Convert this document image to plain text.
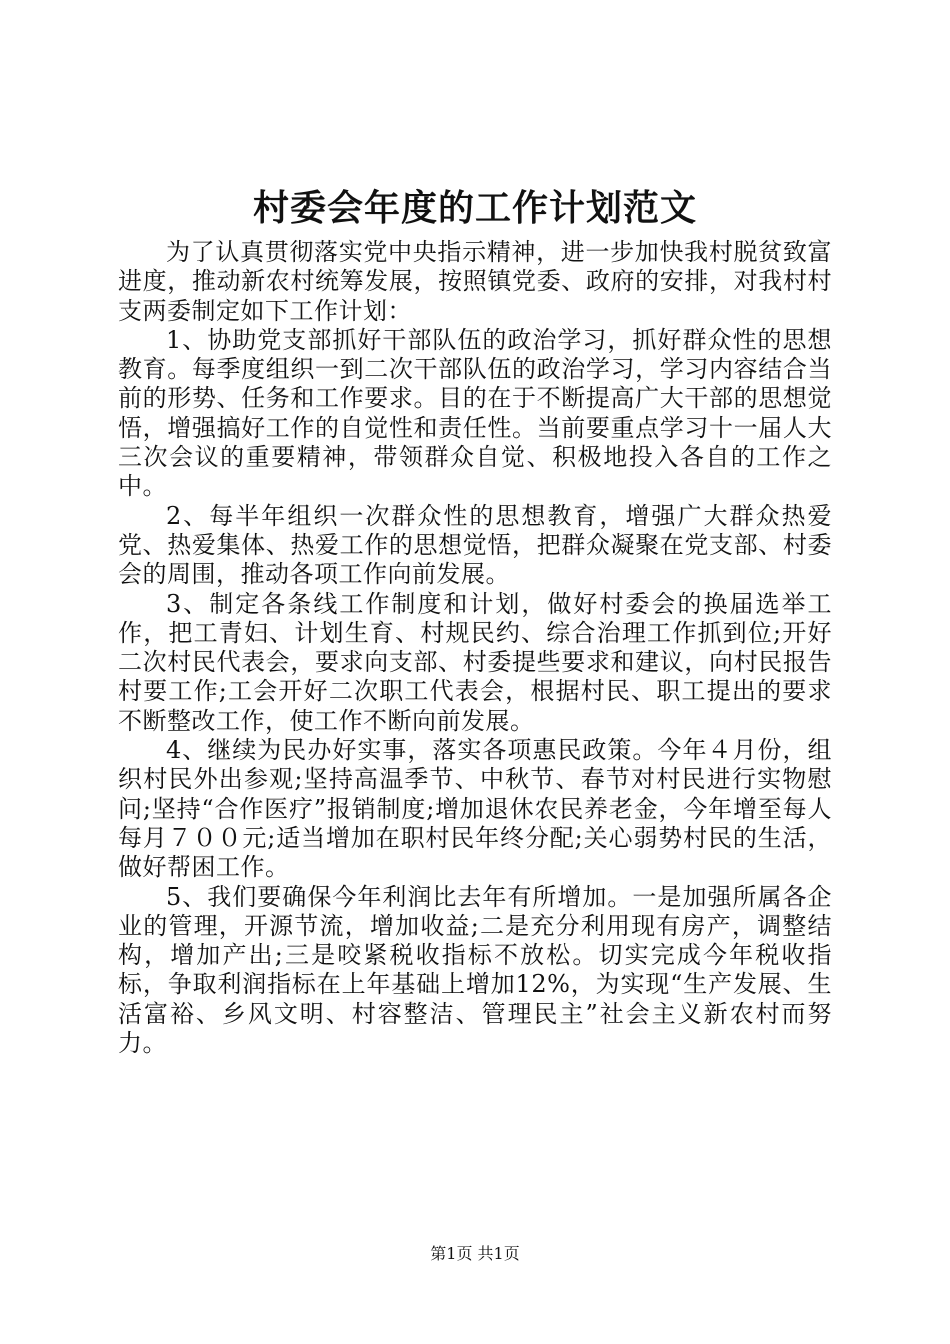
村委会年度的工作计划范文

为了认真贯彻落实党中央指示精神，进一步加快我村脱贫致富进度，推动新农村统筹发展，按照镇党委、政府的安排，对我村村支两委制定如下工作计划：

1、协助党支部抓好干部队伍的政治学习，抓好群众性的思想教育。每季度组织一到二次干部队伍的政治学习，学习内容结合当前的形势、任务和工作要求。目的在于不断提高广大干部的思想觉悟，增强搞好工作的自觉性和责任性。当前要重点学习十一届人大三次会议的重要精神，带领群众自觉、积极地投入各自的工作之中。

2、每半年组织一次群众性的思想教育，增强广大群众热爱党、热爱集体、热爱工作的思想觉悟，把群众凝聚在党支部、村委会的周围，推动各项工作向前发展。

3、制定各条线工作制度和计划，做好村委会的换届选举工作，把工青妇、计划生育、村规民约、综合治理工作抓到位;开好二次村民代表会，要求向支部、村委提些要求和建议，向村民报告村要工作;工会开好二次职工代表会，根据村民、职工提出的要求不断整改工作，使工作不断向前发展。

4、继续为民办好实事，落实各项惠民政策。今年４月份，组织村民外出参观;坚持高温季节、中秋节、春节对村民进行实物慰问;坚持“合作医疗”报销制度;增加退休农民养老金，今年增至每人每月７００元;适当增加在职村民年终分配;关心弱势村民的生活，做好帮困工作。

5、我们要确保今年利润比去年有所增加。一是加强所属各企业的管理，开源节流，增加收益;二是充分利用现有房产，调整结构，增加产出;三是咬紧税收指标不放松。切实完成今年税收指标，争取利润指标在上年基础上增加12%，为实现“生产发展、生活富裕、乡风文明、村容整洁、管理民主”社会主义新农村而努力。

第1页 共1页
